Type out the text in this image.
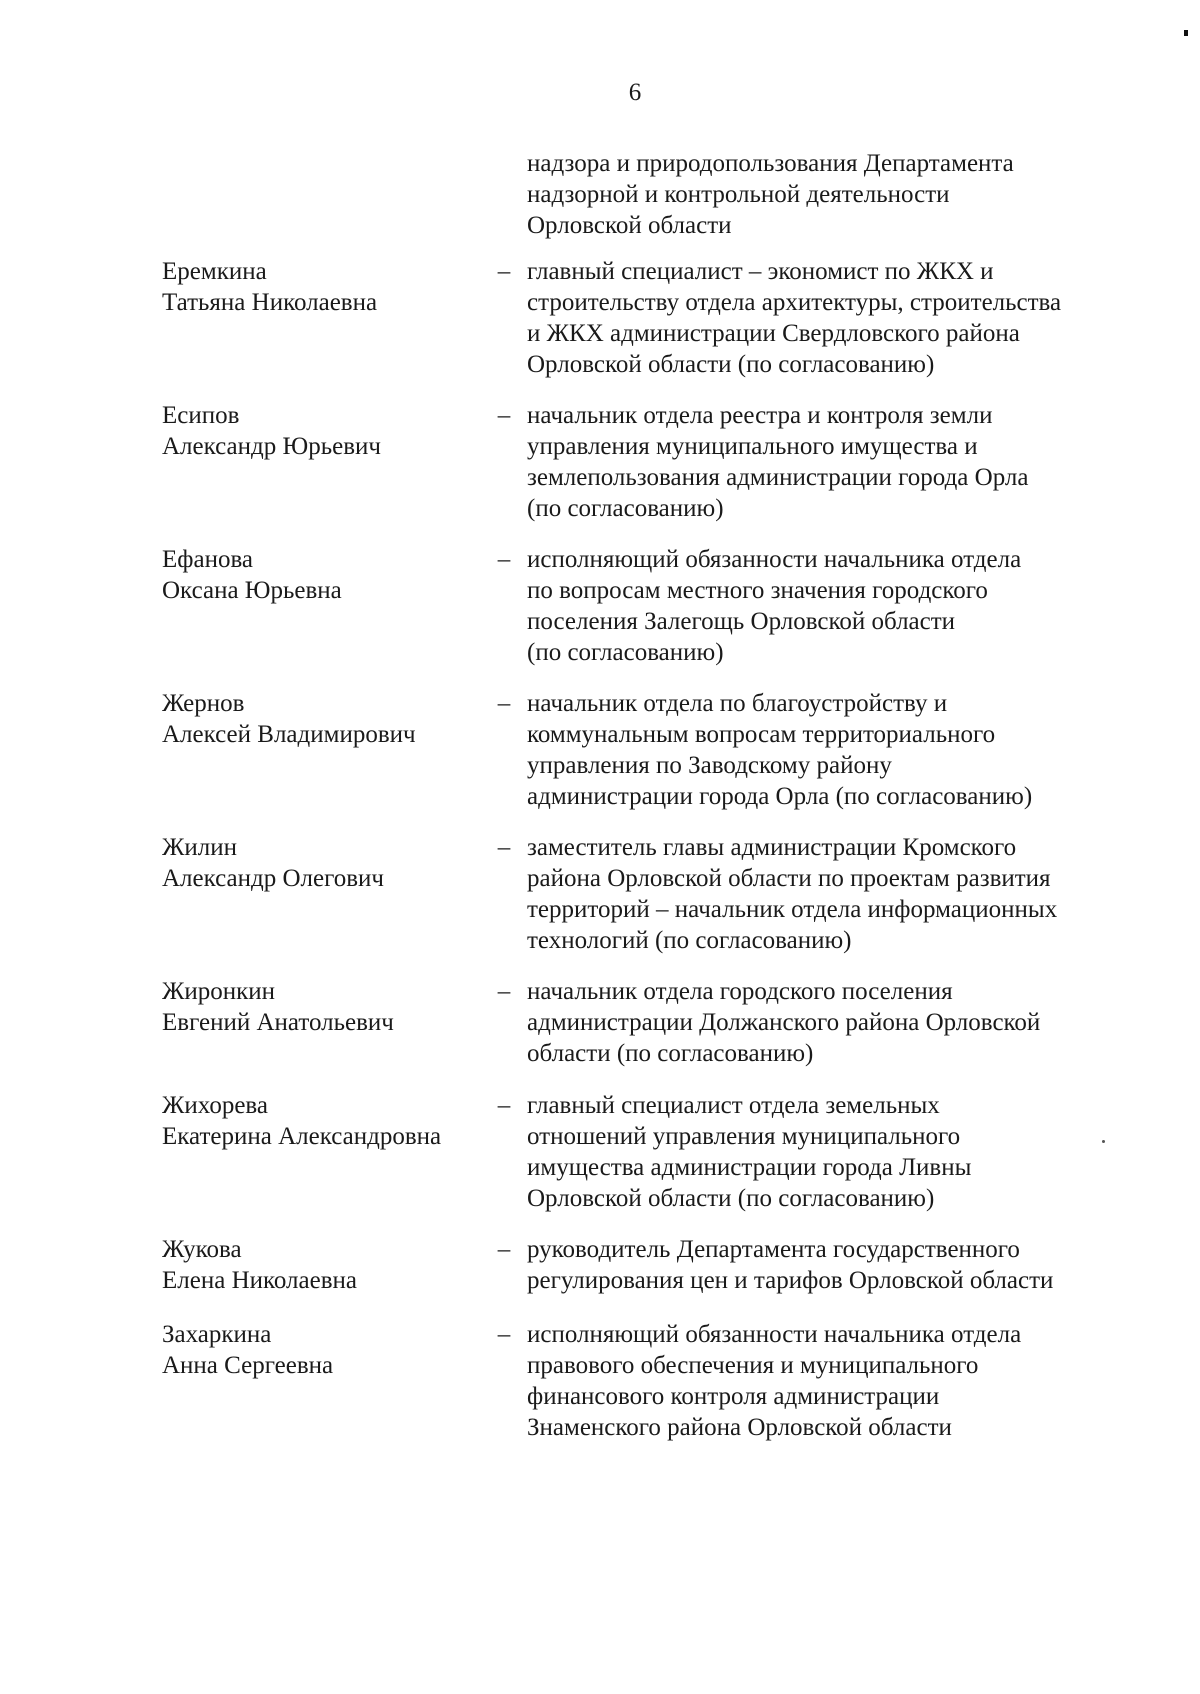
6
надзора и природопользования Департамента
надзорной и контрольной деятельности
Орловской области
Еремкина
Татьяна Николаевна
– главный специалист – экономист по ЖКХ и
строительству отдела архитектуры, строительства
и ЖКХ администрации Свердловского района
Орловской области (по согласованию)
Есипов
Александр Юрьевич
– начальник отдела реестра и контроля земли
управления муниципального имущества и
землепользования администрации города Орла
(по согласованию)
Ефанова
Оксана Юрьевна
– исполняющий обязанности начальника отдела
по вопросам местного значения городского
поселения Залегощь Орловской области
(по согласованию)
Жернов
Алексей Владимирович
– начальник отдела по благоустройству и
коммунальным вопросам территориального
управления по Заводскому району
администрации города Орла (по согласованию)
Жилин
Александр Олегович
– заместитель главы администрации Кромского
района Орловской области по проектам развития
территорий – начальник отдела информационных
технологий (по согласованию)
Жиронкин
Евгений Анатольевич
– начальник отдела городского поселения
администрации Должанского района Орловской
области (по согласованию)
Жихорева
Екатерина Александровна
– главный специалист отдела земельных
отношений управления муниципального
имущества администрации города Ливны
Орловской области (по согласованию)
Жукова
Елена Николаевна
– руководитель Департамента государственного
регулирования цен и тарифов Орловской области
Захаркина
Анна Сергеевна
– исполняющий обязанности начальника отдела
правового обеспечения и муниципального
финансового контроля администрации
Знаменского района Орловской области
